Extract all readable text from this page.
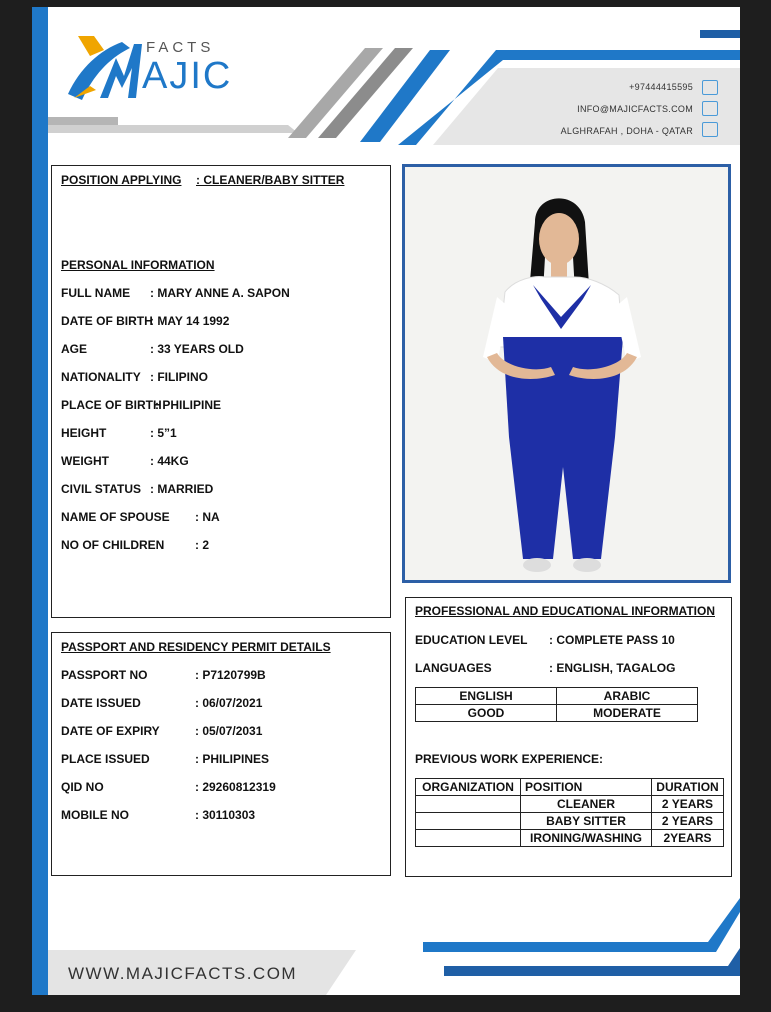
FACTS
AJIC	+97444415595
INFO@MAJICFACTS.COM
ALGHRAFAH , DOHA - QATAR
POSITION APPLYING : CLEANER/BABY SITTER
PERSONAL INFORMATION
FULL NAME : MARY ANNE A. SAPON
DATE OF BIRTH
: MAY 14 1992
AGE	: 33 YEARS OLD
NATIONALITY : FILIPINO
PLACE OF BIRTH
: PHILIPINE
HEIGHT	: 5”1
WEIGHT	: 44KG
CIVIL STATUS : MARRIED
NAME OF SPOUSE : NA
NO OF CHILDREN	: 2
PASSPORT AND RESIDENCY PERMIT DETAILS
PASSPORT NO	: P7120799B
DATE ISSUED	: 06/07/2021
DATE OF EXPIRY	: 05/07/2031
PLACE ISSUED	: PHILIPINES
QID NO	: 29260812319
MOBILE NO	: 30110303
PROFESSIONAL AND EDUCATIONAL INFORMATION
EDUCATION LEVEL : COMPLETE PASS 10
LANGUAGES	: ENGLISH, TAGALOG
ENGLISH	ARABIC
GOOD	MODERATE
PREVIOUS WORK EXPERIENCE:
ORGANIZATION	POSITION	DURATION
	CLEANER	2 YEARS
	BABY SITTER	2 YEARS
	IRONING/WASHING	2YEARS
WWW.MAJICFACTS.COM
